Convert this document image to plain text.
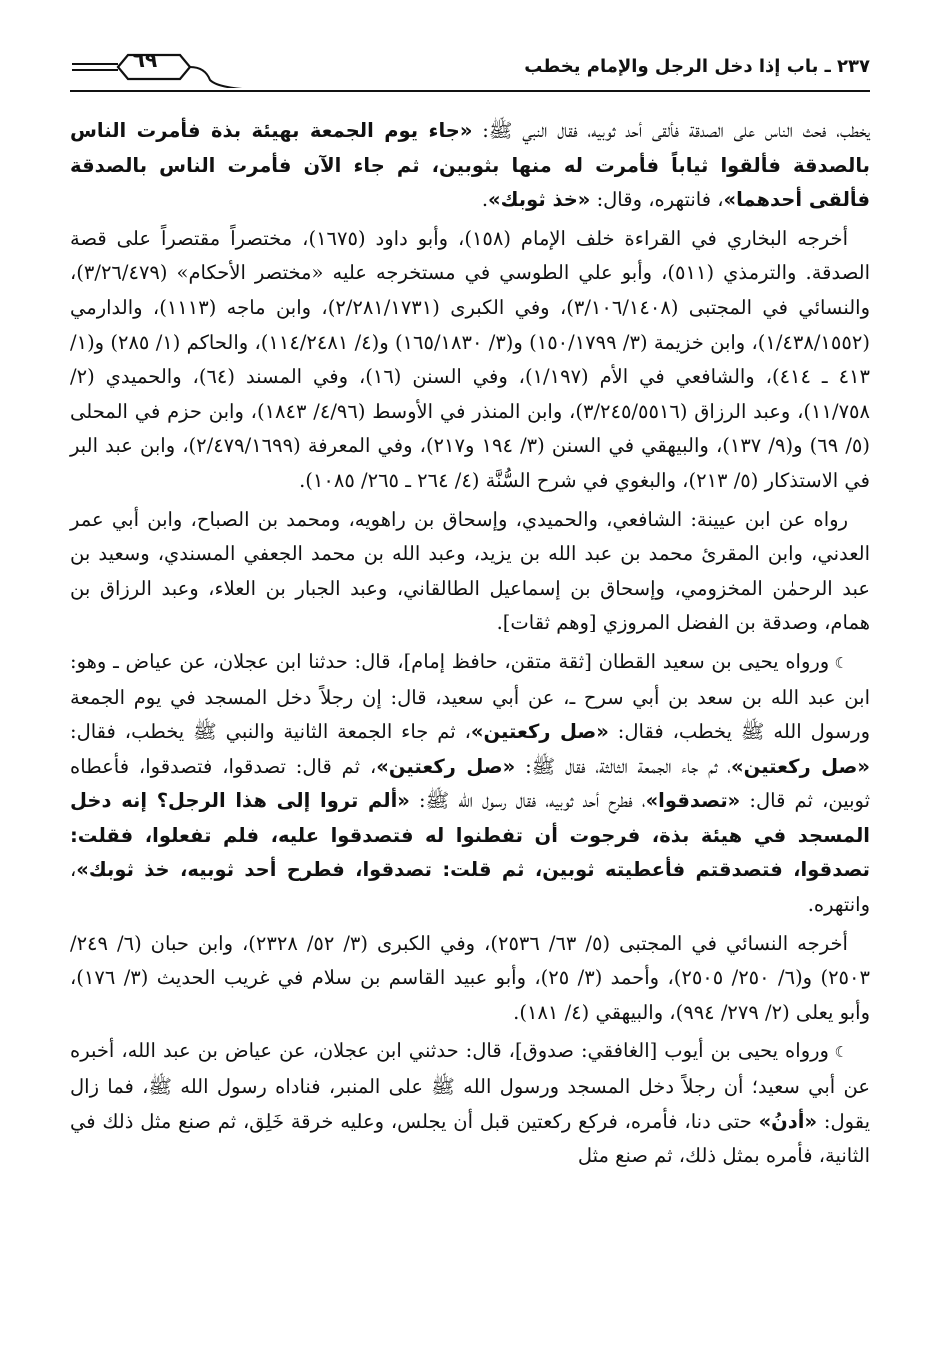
٢٣٧ ـ باب إذا دخل الرجل والإمام يخطب
٦٩

يخطب، فحث الناس على الصدقة فألقى أحد ثوبيه، فقال النبي ﷺ: «جاء يوم الجمعة بهيئة بذة فأمرت الناس بالصدقة فألقوا ثياباً فأمرت له منها بثوبين، ثم جاء الآن فأمرت الناس بالصدقة فألقى أحدهما»، فانتهره، وقال: «خذ ثوبك».

أخرجه البخاري في القراءة خلف الإمام (١٥٨)، وأبو داود (١٦٧٥)، مختصراً مقتصراً على قصة الصدقة. والترمذي (٥١١)، وأبو علي الطوسي في مستخرجه عليه «مختصر الأحكام» (٣/٢٦/٤٧٩)، والنسائي في المجتبى (٣/١٠٦/١٤٠٨)، وفي الكبرى (٢/٢٨١/١٧٣١)، وابن ماجه (١١١٣)، والدارمي (١/٤٣٨/١٥٥٢)، وابن خزيمة (٣/ ١٥٠/١٧٩٩) و(٣/ ١٦٥/١٨٣٠) و(٤/ ١١٤/٢٤٨١)، والحاكم (١/ ٢٨٥) و(١/ ٤١٣ ـ ٤١٤)، والشافعي في الأم (١/١٩٧)، وفي السنن (١٦)، وفي المسند (٦٤)، والحميدي (٢/ ١١/٧٥٨)، وعبد الرزاق (٣/٢٤٥/٥٥١٦)، وابن المنذر في الأوسط (٤/٩٦/ ١٨٤٣)، وابن حزم في المحلى (٥/ ٦٩) و(٩/ ١٣٧)، والبيهقي في السنن (٣/ ١٩٤ و٢١٧)، وفي المعرفة (٢/٤٧٩/١٦٩٩)، وابن عبد البر في الاستذكار (٥/ ٢١٣)، والبغوي في شرح السُّنَّة (٤/ ٢٦٤ ـ ٢٦٥/ ١٠٨٥).

رواه عن ابن عيينة: الشافعي، والحميدي، وإسحاق بن راهويه، ومحمد بن الصباح، وابن أبي عمر العدني، وابن المقرئ محمد بن عبد الله بن يزيد، وعبد الله بن محمد الجعفي المسندي، وسعيد بن عبد الرحمٰن المخزومي، وإسحاق بن إسماعيل الطالقاني، وعبد الجبار بن العلاء، وعبد الرزاق بن همام، وصدقة بن الفضل المروزي [وهم ثقات].

☾ ورواه يحيى بن سعيد القطان [ثقة متقن، حافظ إمام]، قال: حدثنا ابن عجلان، عن عياض ـ وهو: ابن عبد الله بن سعد بن أبي سرح ـ، عن أبي سعيد، قال: إن رجلاً دخل المسجد في يوم الجمعة ورسول الله ﷺ يخطب، فقال: «صل ركعتين»، ثم جاء الجمعة الثانية والنبي ﷺ يخطب، فقال: «صل ركعتين»، ثم جاء الجمعة الثالثة، فقال ﷺ: «صل ركعتين»، ثم قال: تصدقوا، فتصدقوا، فأعطاه ثوبين، ثم قال: «تصدقوا»، فطرح أحد ثوبيه، فقال رسول الله ﷺ: «ألم تروا إلى هذا الرجل؟ إنه دخل المسجد في هيئة بذة، فرجوت أن تفطنوا له فتصدقوا عليه، فلم تفعلوا، فقلت: تصدقوا، فتصدقتم فأعطيته ثوبين، ثم قلت: تصدقوا، فطرح أحد ثوبيه، خذ ثوبك»، وانتهره.

أخرجه النسائي في المجتبى (٥/ ٦٣/ ٢٥٣٦)، وفي الكبرى (٣/ ٥٢/ ٢٣٢٨)، وابن حبان (٦/ ٢٤٩/ ٢٥٠٣) و(٦/ ٢٥٠/ ٢٥٠٥)، وأحمد (٣/ ٢٥)، وأبو عبيد القاسم بن سلام في غريب الحديث (٣/ ١٧٦)، وأبو يعلى (٢/ ٢٧٩/ ٩٩٤)، والبيهقي (٤/ ١٨١).

☾ ورواه يحيى بن أيوب [الغافقي: صدوق]، قال: حدثني ابن عجلان، عن عياض بن عبد الله، أخبره عن أبي سعيد؛ أن رجلاً دخل المسجد ورسول الله ﷺ على المنبر، فناداه رسول الله ﷺ، فما زال يقول: «أدنُ» حتى دنا، فأمره، فركع ركعتين قبل أن يجلس، وعليه خرقة خَلِق، ثم صنع مثل ذلك في الثانية، فأمره بمثل ذلك، ثم صنع مثل
